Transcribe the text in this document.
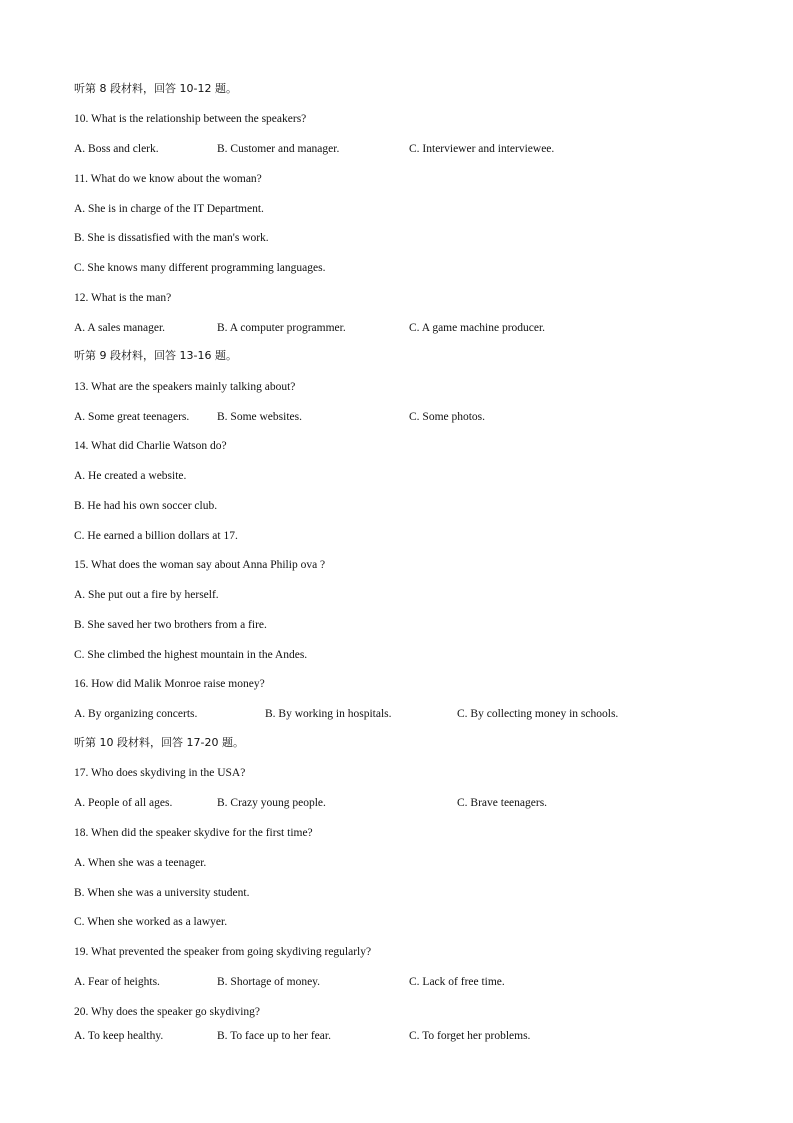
听第 8 段材料，回答 10-12 题。
10. What is the relationship between the speakers?
A. Boss and clerk.	B. Customer and manager.	C. Interviewer and interviewee.
11. What do we know about the woman?
A. She is in charge of the IT Department.
B. She is dissatisfied with the man's work.
C. She knows many different programming languages.
12. What is the man?
A. A sales manager.	B. A computer programmer.	C. A game machine producer.
听第 9 段材料，回答 13-16 题。
13. What are the speakers mainly talking about?
A. Some great teenagers. B. Some websites.	C. Some photos.
14. What did Charlie Watson do?
A. He created a website.
B. He had his own soccer club.
C. He earned a billion dollars at 17.
15. What does the woman say about Anna Philip ova ?
A. She put out a fire by herself.
B. She saved her two brothers from a fire.
C. She climbed the highest mountain in the Andes.
16. How did Malik Monroe raise money?
A. By organizing concerts.	B. By working in hospitals.	C. By collecting money in schools.
听第 10 段材料，回答 17-20 题。
17. Who does skydiving in the USA?
A. People of all ages.	B. Crazy young people.	C. Brave teenagers.
18. When did the speaker skydive for the first time?
A. When she was a teenager.
B. When she was a university student.
C. When she worked as a lawyer.
19. What prevented the speaker from going skydiving regularly?
A. Fear of heights.	B. Shortage of money.	C. Lack of free time.
20. Why does the speaker go skydiving?
A. To keep healthy.	B. To face up to her fear.	C. To forget her problems.
